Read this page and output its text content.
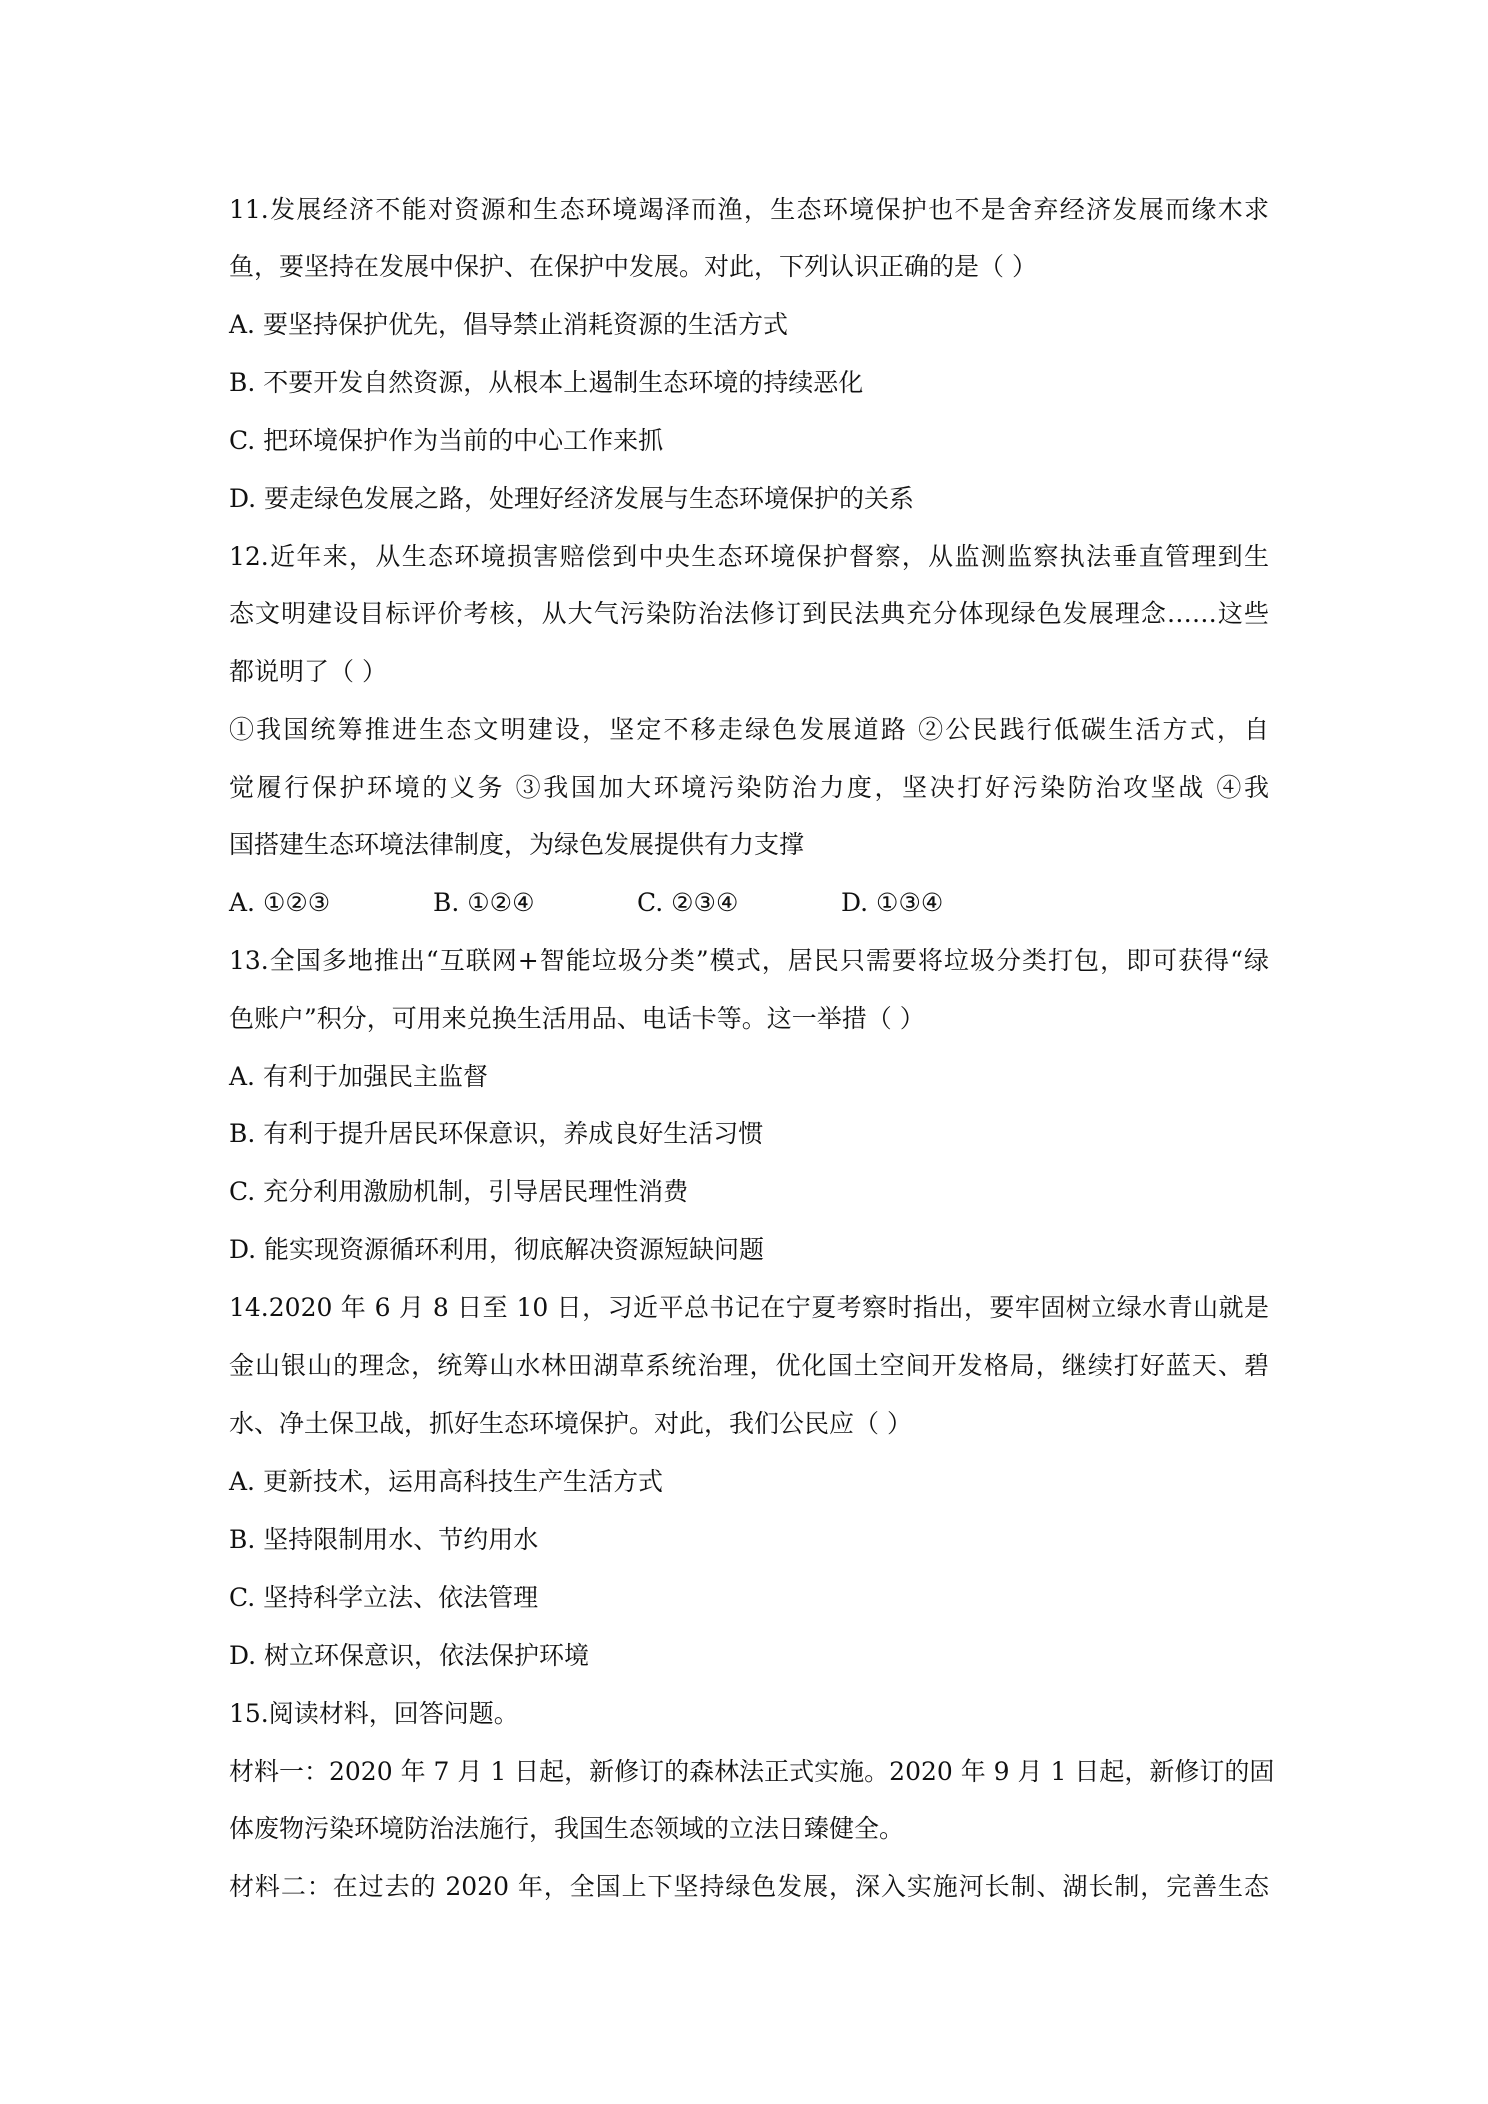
11.发展经济不能对资源和生态环境竭泽而渔，生态环境保护也不是舍弃经济发展而缘木求
鱼，要坚持在发展中保护、在保护中发展。对此，下列认识正确的是（ ）
A. 要坚持保护优先，倡导禁止消耗资源的生活方式
B. 不要开发自然资源，从根本上遏制生态环境的持续恶化
C. 把环境保护作为当前的中心工作来抓
D. 要走绿色发展之路，处理好经济发展与生态环境保护的关系
12.近年来，从生态环境损害赔偿到中央生态环境保护督察，从监测监察执法垂直管理到生
态文明建设目标评价考核，从大气污染防治法修订到民法典充分体现绿色发展理念……这些
都说明了（ ）
①我国统筹推进生态文明建设，坚定不移走绿色发展道路 ②公民践行低碳生活方式，自
觉履行保护环境的义务 ③我国加大环境污染防治力度，坚决打好污染防治攻坚战 ④我
国搭建生态环境法律制度，为绿色发展提供有力支撑
A. ①②③	B. ①②④	C. ②③④	D. ①③④
13.全国多地推出“互联网+智能垃圾分类”模式，居民只需要将垃圾分类打包，即可获得“绿
色账户”积分，可用来兑换生活用品、电话卡等。这一举措（ ）
A. 有利于加强民主监督
B. 有利于提升居民环保意识，养成良好生活习惯
C. 充分利用激励机制，引导居民理性消费
D. 能实现资源循环利用，彻底解决资源短缺问题
14.2020 年 6 月 8 日至 10 日，习近平总书记在宁夏考察时指出，要牢固树立绿水青山就是
金山银山的理念，统筹山水林田湖草系统治理，优化国土空间开发格局，继续打好蓝天、碧
水、净土保卫战，抓好生态环境保护。对此，我们公民应（ ）
A. 更新技术，运用高科技生产生活方式
B. 坚持限制用水、节约用水
C. 坚持科学立法、依法管理
D. 树立环保意识，依法保护环境
15.阅读材料，回答问题。
材料一：2020 年 7 月 1 日起，新修订的森林法正式实施。2020 年 9 月 1 日起，新修订的固
体废物污染环境防治法施行，我国生态领域的立法日臻健全。
材料二：在过去的 2020 年，全国上下坚持绿色发展，深入实施河长制、湖长制，完善生态
